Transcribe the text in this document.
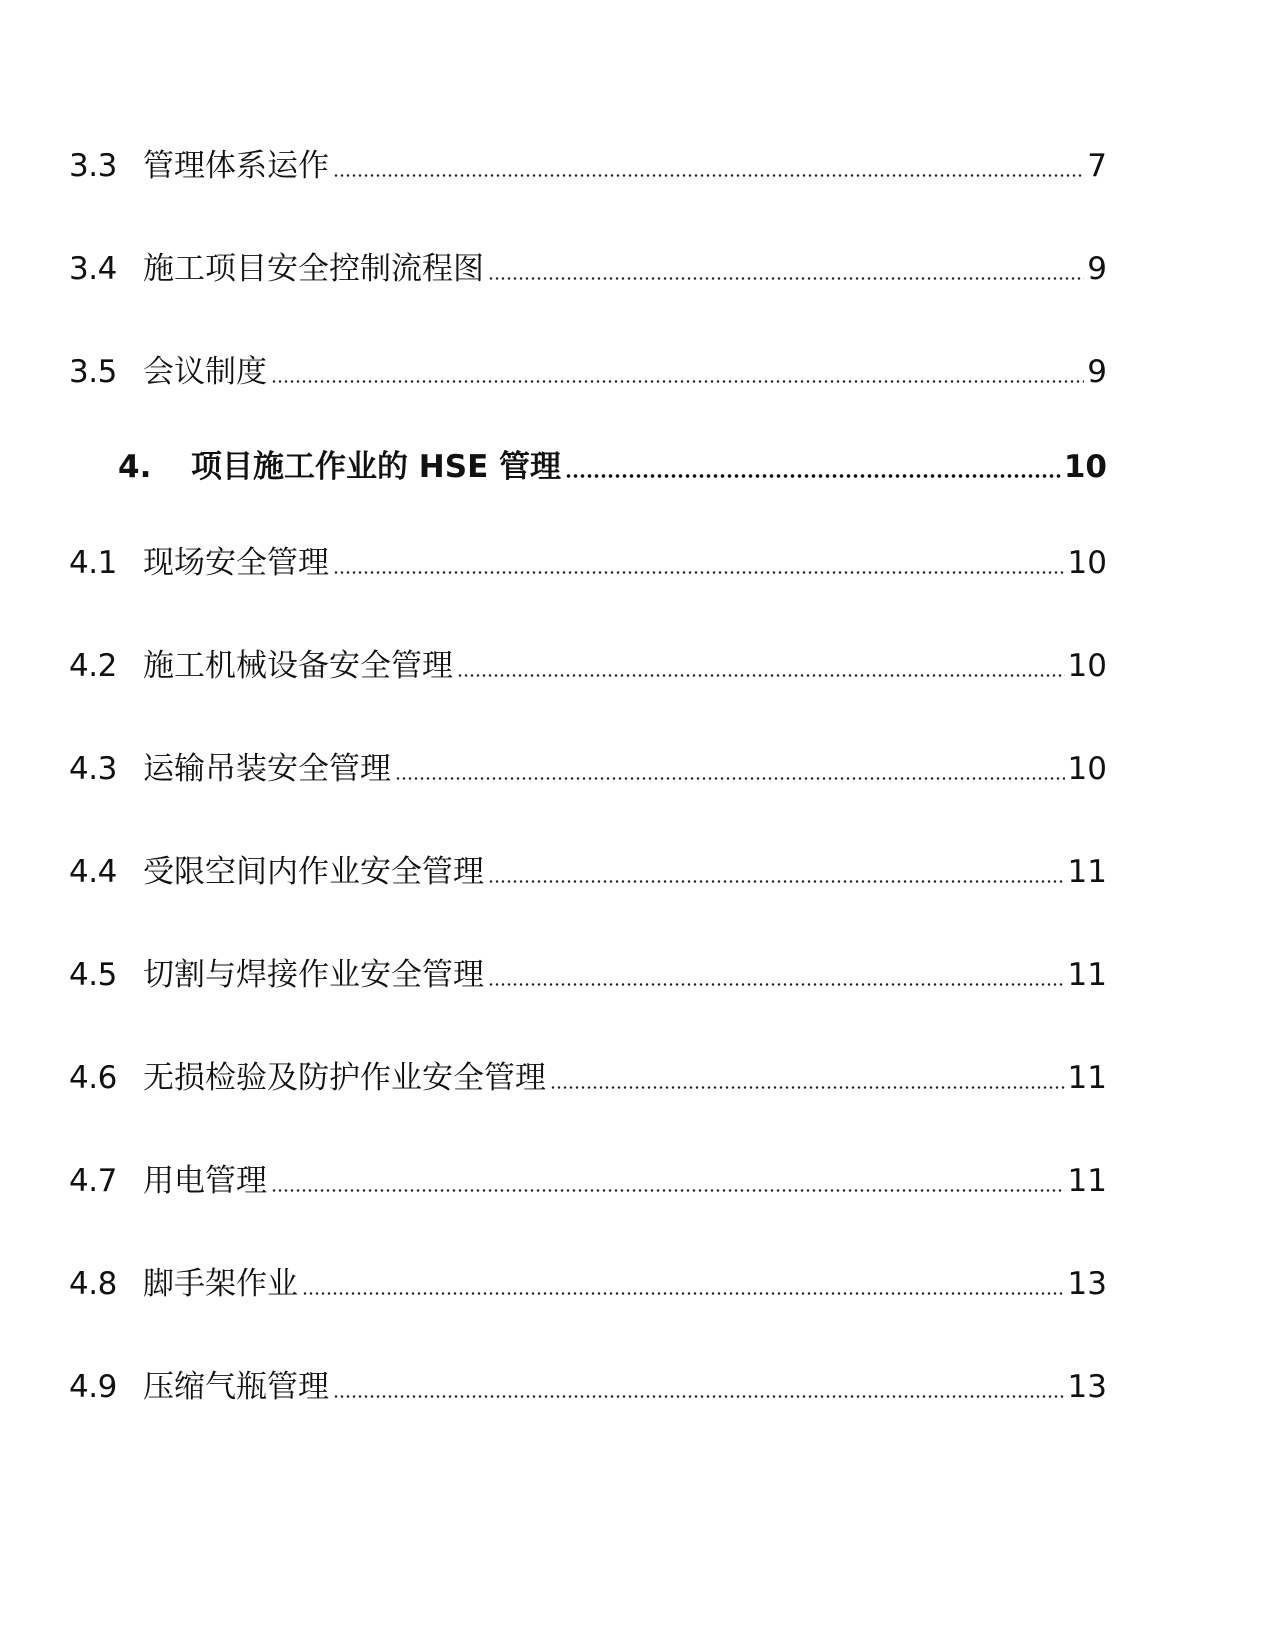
3.3 管理体系运作	7
3.4 施工项目安全控制流程图	9
3.5 会议制度	9
4. 项目施工作业的 HSE 管理	10
4.1 现场安全管理	10
4.2 施工机械设备安全管理	10
4.3 运输吊装安全管理	10
4.4 受限空间内作业安全管理	11
4.5 切割与焊接作业安全管理	11
4.6 无损检验及防护作业安全管理	11
4.7 用电管理	11
4.8 脚手架作业	13
4.9 压缩气瓶管理	13
